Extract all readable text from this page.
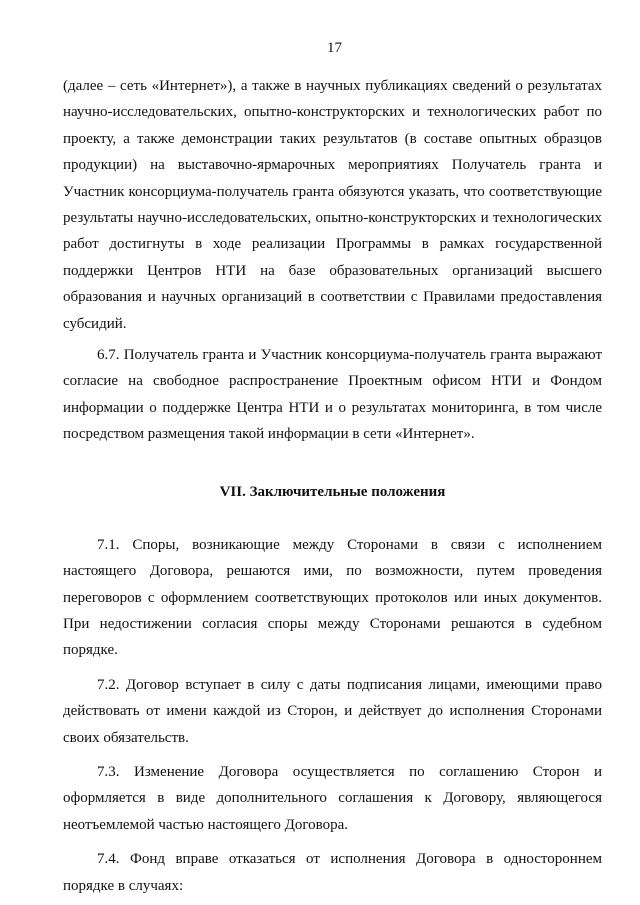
17

(далее – сеть «Интернет»), а также в научных публикациях сведений о результатах научно-исследовательских, опытно-конструкторских и технологических работ по проекту, а также демонстрации таких результатов (в составе опытных образцов продукции) на выставочно-ярмарочных мероприятиях Получатель гранта и Участник консорциума-получатель гранта обязуются указать, что соответствующие результаты научно-исследовательских, опытно-конструкторских и технологических работ достигнуты в ходе реализации Программы в рамках государственной поддержки Центров НТИ на базе образовательных организаций высшего образования и научных организаций в соответствии с Правилами предоставления субсидий.

6.7. Получатель гранта и Участник консорциума-получатель гранта выражают согласие на свободное распространение Проектным офисом НТИ и Фондом информации о поддержке Центра НТИ и о результатах мониторинга, в том числе посредством размещения такой информации в сети «Интернет».

VII. Заключительные положения

7.1. Споры, возникающие между Сторонами в связи с исполнением настоящего Договора, решаются ими, по возможности, путем проведения переговоров с оформлением соответствующих протоколов или иных документов. При недостижении согласия споры между Сторонами решаются в судебном порядке.

7.2. Договор вступает в силу с даты подписания лицами, имеющими право действовать от имени каждой из Сторон, и действует до исполнения Сторонами своих обязательств.

7.3. Изменение Договора осуществляется по соглашению Сторон и оформляется в виде дополнительного соглашения к Договору, являющегося неотъемлемой частью настоящего Договора.

7.4. Фонд вправе отказаться от исполнения Договора в одностороннем порядке в случаях:
